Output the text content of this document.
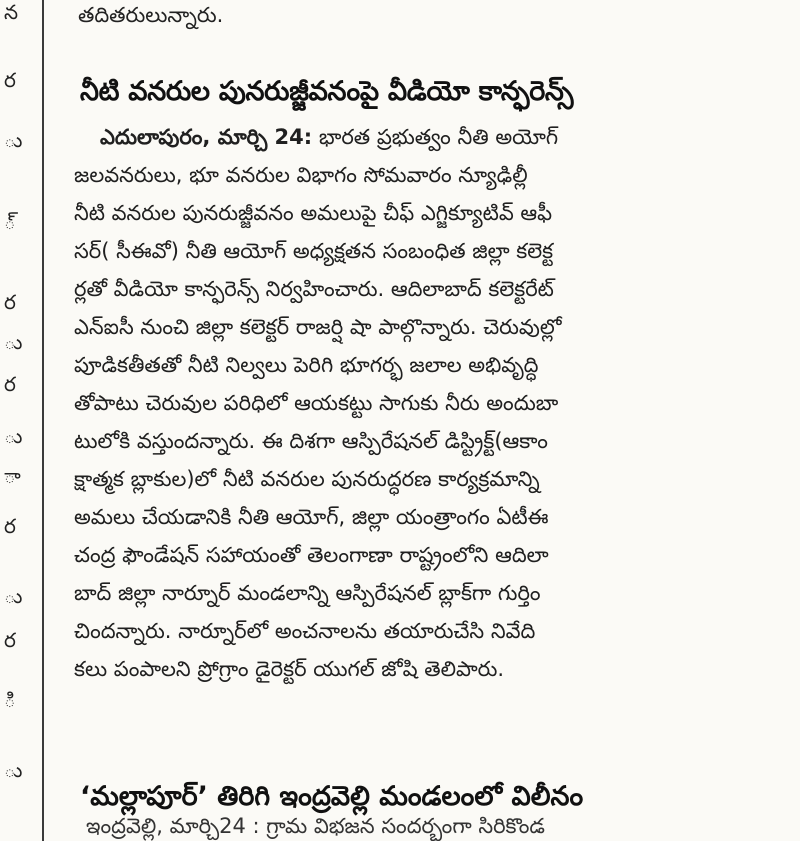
న
ర
ు
్
ర
ు
ర
ు
ా
ర
ు
ర
ి
ు
తదితరులున్నారు.
నీటి వనరుల పునరుజ్జీవనంపై వీడియో కాన్ఫరెన్స్
ఎదులాపురం, మార్చి 24: భారత ప్రభుత్వం నీతి అయోగ్
జలవనరులు, భూ వనరుల విభాగం సోమవారం న్యూఢిల్లీ
నీటి వనరుల పునరుజ్జీవనం అమలుపై చీఫ్ ఎగ్జిక్యూటివ్ ఆఫీ
సర్( సీఈవో) నీతి ఆయోగ్ అధ్యక్షతన సంబంధిత జిల్లా కలెక్ట
ర్లతో వీడియో కాన్ఫరెన్స్ నిర్వహించారు. ఆదిలాబాద్ కలెక్టరేట్
ఎన్ఐసీ నుంచి జిల్లా కలెక్టర్ రాజర్షి షా పాల్గొన్నారు. చెరువుల్లో
పూడికతీతతో నీటి నిల్వలు పెరిగి భూగర్భ జలాల అభివృద్ధి
తోపాటు చెరువుల పరిధిలో ఆయకట్టు సాగుకు నీరు అందుబా
టులోకి వస్తుందన్నారు. ఈ దిశగా ఆస్పిరేషనల్ డిస్ట్రిక్ట్(ఆకాం
క్షాత్మక బ్లాకుల)లో నీటి వనరుల పునరుద్ధరణ కార్యక్రమాన్ని
అమలు చేయడానికి నీతి ఆయోగ్, జిల్లా యంత్రాంగం ఏటీఈ
చంద్ర ఫౌండేషన్ సహాయంతో తెలంగాణా రాష్ట్రంలోని ఆదిలా
బాద్ జిల్లా నార్నూర్ మండలాన్ని ఆస్పిరేషనల్ బ్లాక్‌గా గుర్తిం
చిందన్నారు. నార్నూర్‌లో అంచనాలను తయారుచేసి నివేది
కలు పంపాలని ప్రోగ్రాం డైరెక్టర్ యుగల్ జోషి తెలిపారు.
‘మల్లాపూర్’ తిరిగి ఇంద్రవెల్లి మండలంలో విలీనం
ఇంద్రవెల్లి, మార్చి24 : గ్రామ విభజన సందర్భంగా సిరికొండ
